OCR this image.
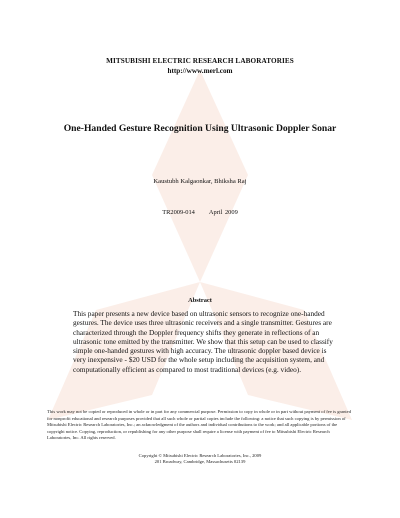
MITSUBISHI ELECTRIC RESEARCH LABORATORIES
http://www.merl.com
One-Handed Gesture Recognition Using Ultrasonic Doppler Sonar
Kaustubh Kalgaonkar, Bhiksha Raj
TR2009-014 April 2009
Abstract

This paper presents a new device based on ultrasonic sensors to recognize one-handed gestures. The device uses three ultrasonic receivers and a single transmitter. Gestures are characterized through the Doppler frequency shifts they generate in reflections of an ultrasonic tone emitted by the transmitter. We show that this setup can be used to classify simple one-handed gestures with high accuracy. The ultrasonic doppler based device is very inexpensive - $20 USD for the whole setup including the acquisition system, and computationally efficient as compared to most traditional devices (e.g. video).

This work may not be copied or reproduced in whole or in part for any commercial purpose. Permission to copy in whole or in part without payment of fee is granted for nonprofit educational and research purposes provided that all such whole or partial copies include the following: a notice that such copying is by permission of Mitsubishi Electric Research Laboratories, Inc.; an acknowledgment of the authors and individual contributions to the work; and all applicable portions of the copyright notice. Copying, reproduction, or republishing for any other purpose shall require a license with payment of fee to Mitsubishi Electric Research Laboratories, Inc. All rights reserved.

Copyright © Mitsubishi Electric Research Laboratories, Inc., 2009
201 Broadway, Cambridge, Massachusetts 02139
